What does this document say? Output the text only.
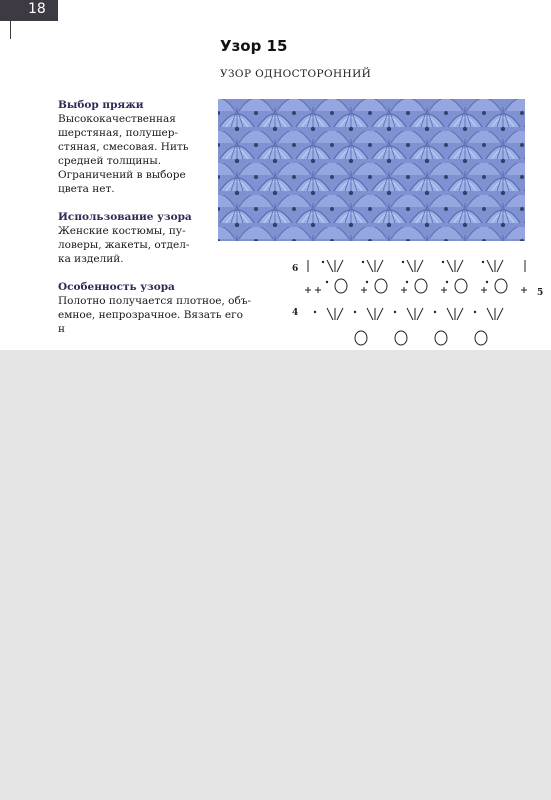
18
Узор 15
УЗОР ОДНОСТОРОННИЙ
Выбор пряжи

Высококачественная

шерстяная, полушер-

стяная, смесовая. Нить

средней толщины.

Ограничений в выборе

цвета нет.

Использование узора

Женские костюмы, пу-

ловеры, жакеты, отдел-

ка изделий.

Особенность узора

Полотно получается плотное, объ-

емное, непрозрачное. Вязать его

н

6
5
4
